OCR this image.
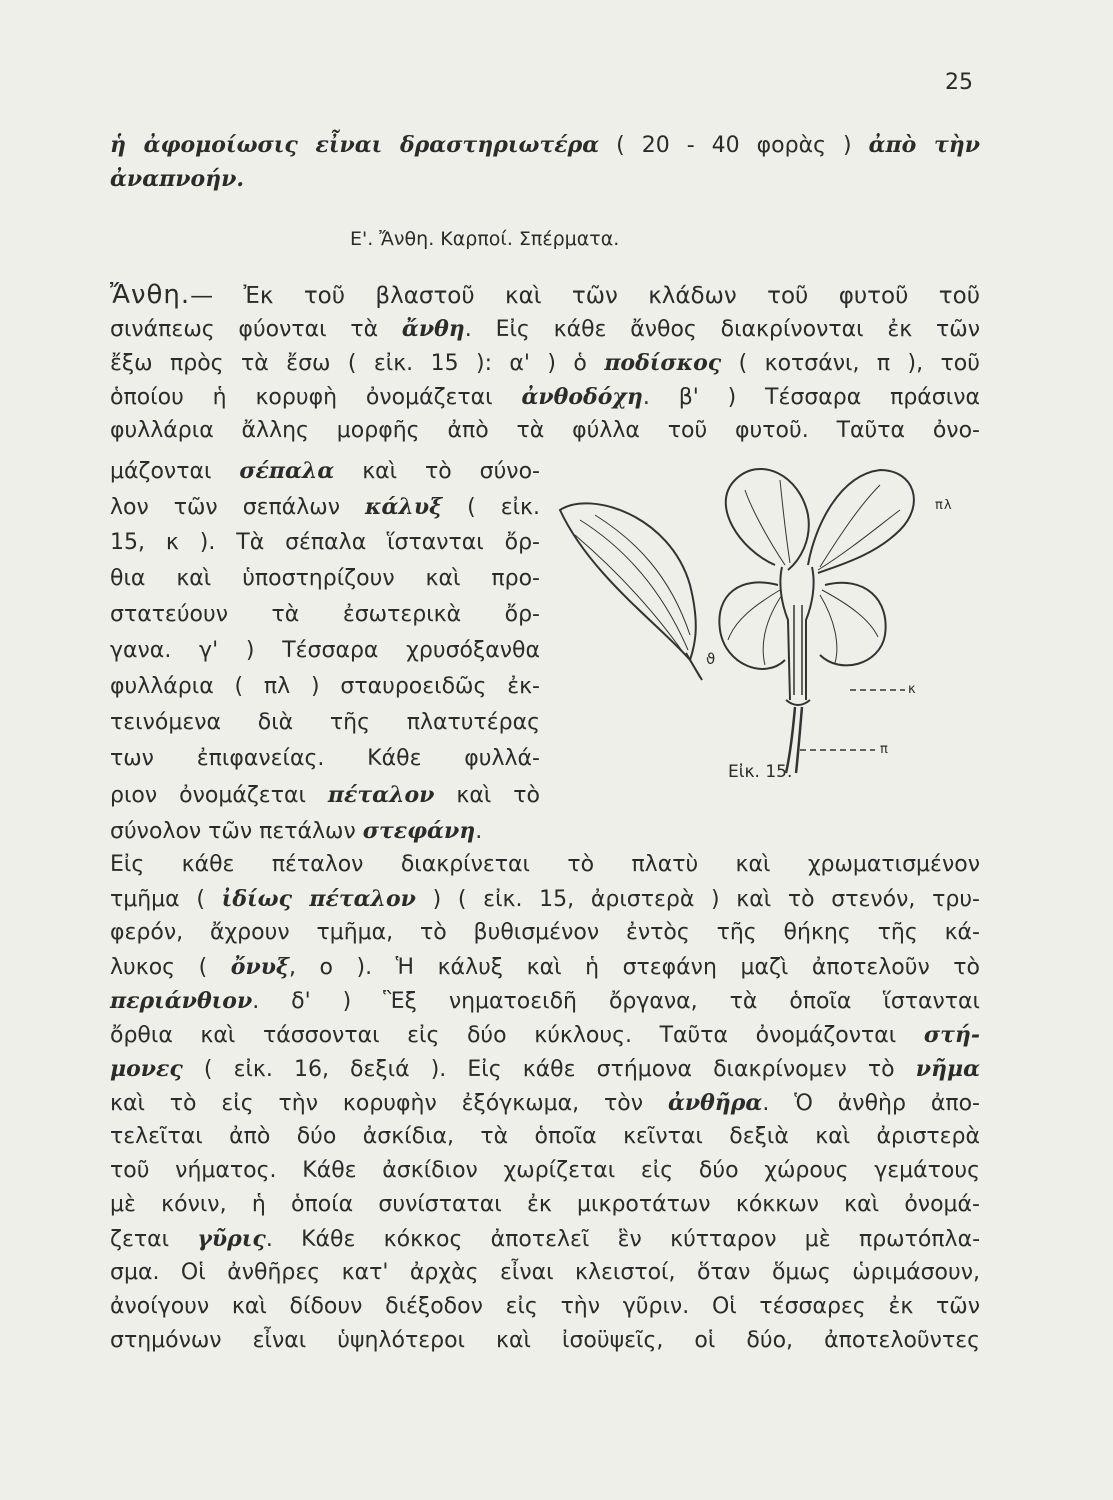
25
ἡ ἀφομοίωσις εἶναι δραστηριωτέρα ( 20 - 40 φορὰς ) ἀπὸ τὴν
ἀναπνοήν.
Ε'. Ἄνθη. Καρποί. Σπέρματα.
Ἄνθη.— Ἐκ τοῦ βλαστοῦ καὶ τῶν κλάδων τοῦ φυτοῦ τοῦ
σινάπεως φύονται τὰ ἄνθη. Εἰς κάθε ἄνθος διακρίνονται ἐκ τῶν
ἔξω πρὸς τὰ ἔσω ( εἰκ. 15 ): α' ) ὁ ποδίσκος ( κοτσάνι, π ), τοῦ
ὁποίου ἡ κορυφὴ ὀνομάζεται ἀνθοδόχη. β' ) Τέσσαρα πράσινα
φυλλάρια ἄλλης μορφῆς ἀπὸ τὰ φύλλα τοῦ φυτοῦ. Ταῦτα ὀνο-
μάζονται σέπαλα καὶ τὸ σύνο-
λον τῶν σεπάλων κάλυξ ( εἰκ.
15, κ ). Τὰ σέπαλα ἵστανται ὄρ-
θια καὶ ὑποστηρίζουν καὶ προ-
στατεύουν τὰ ἐσωτερικὰ ὄρ-
γανα. γ' ) Τέσσαρα χρυσόξανθα
φυλλάρια ( πλ ) σταυροειδῶς ἐκ-
τεινόμενα διὰ τῆς πλατυτέρας
των ἐπιφανείας. Κάθε φυλλά-
ριον ὀνομάζεται πέταλον καὶ τὸ
σύνολον τῶν πετάλων στεφάνη.
Εἰς κάθε πέταλον διακρίνεται τὸ πλατὺ καὶ χρωματισμένον
τμῆμα ( ἰδίως πέταλον ) ( εἰκ. 15, ἀριστερὰ ) καὶ τὸ στενόν, τρυ-
φερόν, ἄχρουν τμῆμα, τὸ βυθισμένον ἐντὸς τῆς θήκης τῆς κά-
λυκος ( ὄνυξ, ο ). Ἡ κάλυξ καὶ ἡ στεφάνη μαζὶ ἀποτελοῦν τὸ
περιάνθιον. δ' ) Ἓξ νηματοειδῆ ὄργανα, τὰ ὁποῖα ἵστανται
ὄρθια καὶ τάσσονται εἰς δύο κύκλους. Ταῦτα ὀνομάζονται στή-
μονες ( εἰκ. 16, δεξιά ). Εἰς κάθε στήμονα διακρίνομεν τὸ νῆμα
καὶ τὸ εἰς τὴν κορυφὴν ἐξόγκωμα, τὸν ἀνθῆρα. Ὁ ἀνθὴρ ἀπο-
τελεῖται ἀπὸ δύο ἀσκίδια, τὰ ὁποῖα κεῖνται δεξιὰ καὶ ἀριστερὰ
τοῦ νήματος. Κάθε ἀσκίδιον χωρίζεται εἰς δύο χώρους γεμάτους
μὲ κόνιν, ἡ ὁποία συνίσταται ἐκ μικροτάτων κόκκων καὶ ὀνομά-
ζεται γῦρις. Κάθε κόκκος ἀποτελεῖ ἓν κύτταρον μὲ πρωτόπλα-
σμα. Οἱ ἀνθῆρες κατ' ἀρχὰς εἶναι κλειστοί, ὅταν ὅμως ὡριμάσουν,
ἀνοίγουν καὶ δίδουν διέξοδον εἰς τὴν γῦριν. Οἱ τέσσαρες ἐκ τῶν
στημόνων εἶναι ὑψηλότεροι καὶ ἰσοϋψεῖς, οἱ δύο, ἀποτελοῦντες
πλ
κ
π
ϑ
Εἰκ. 15.
